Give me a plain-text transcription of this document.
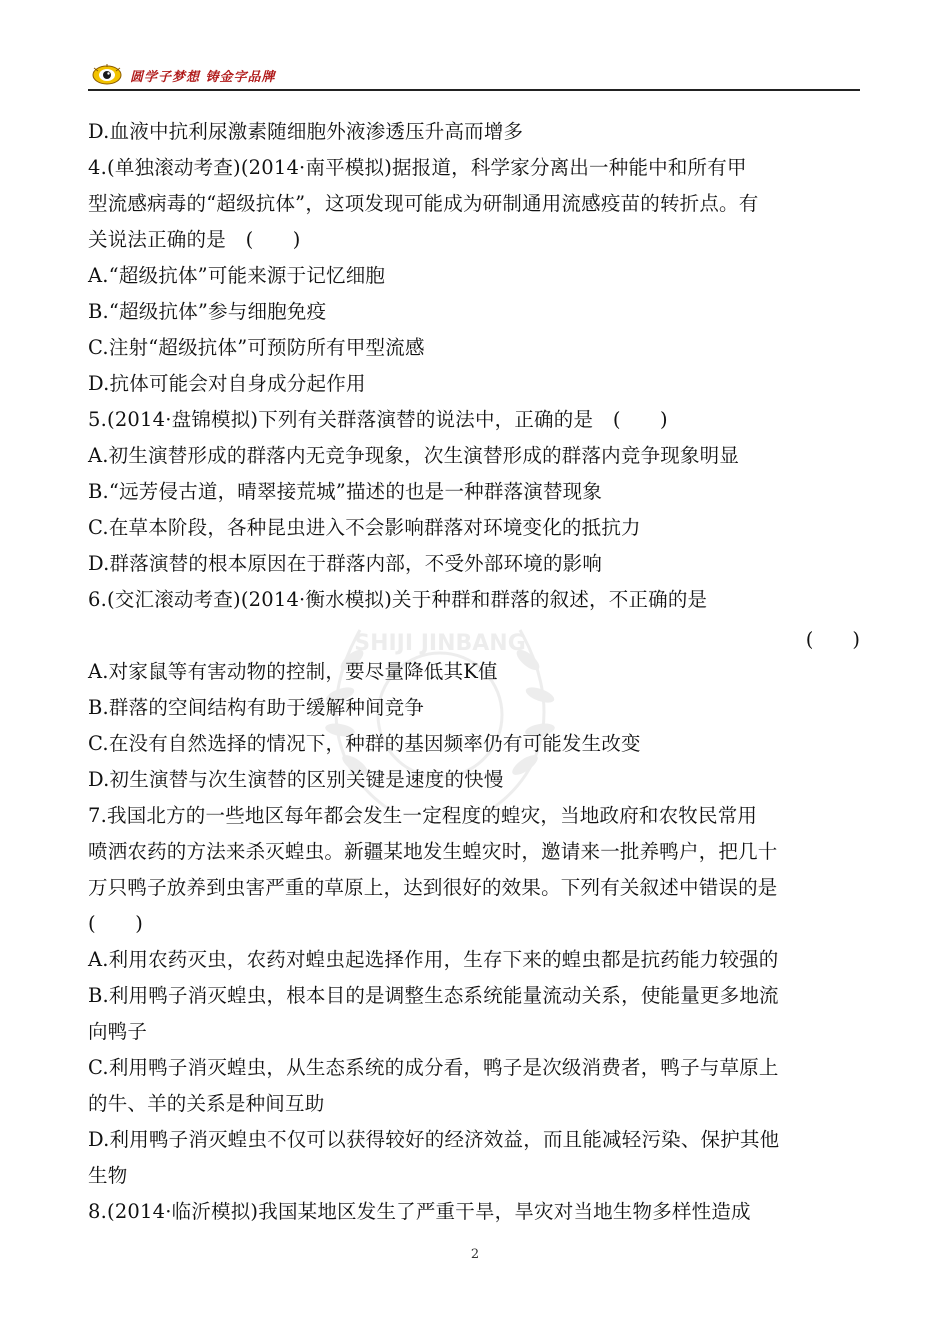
圆学子梦想 铸金字品牌
SHIJI JINBANG
D.血液中抗利尿激素随细胞外液渗透压升高而增多
4.(单独滚动考查)(2014·南平模拟)据报道，科学家分离出一种能中和所有甲
型流感病毒的“超级抗体”，这项发现可能成为研制通用流感疫苗的转折点。有
关说法正确的是　(　　)
A.“超级抗体”可能来源于记忆细胞
B.“超级抗体”参与细胞免疫
C.注射“超级抗体”可预防所有甲型流感
D.抗体可能会对自身成分起作用
5.(2014·盘锦模拟)下列有关群落演替的说法中，正确的是　(　　)
A.初生演替形成的群落内无竞争现象，次生演替形成的群落内竞争现象明显
B.“远芳侵古道，晴翠接荒城”描述的也是一种群落演替现象
C.在草本阶段，各种昆虫进入不会影响群落对环境变化的抵抗力
D.群落演替的根本原因在于群落内部，不受外部环境的影响
6.(交汇滚动考查)(2014·衡水模拟)关于种群和群落的叙述，不正确的是
(　　)
A.对家鼠等有害动物的控制，要尽量降低其K值
B.群落的空间结构有助于缓解种间竞争
C.在没有自然选择的情况下，种群的基因频率仍有可能发生改变
D.初生演替与次生演替的区别关键是速度的快慢
7.我国北方的一些地区每年都会发生一定程度的蝗灾，当地政府和农牧民常用
喷洒农药的方法来杀灭蝗虫。新疆某地发生蝗灾时，邀请来一批养鸭户，把几十
万只鸭子放养到虫害严重的草原上，达到很好的效果。下列有关叙述中错误的是
(　　)
A.利用农药灭虫，农药对蝗虫起选择作用，生存下来的蝗虫都是抗药能力较强的
B.利用鸭子消灭蝗虫，根本目的是调整生态系统能量流动关系，使能量更多地流
向鸭子
C.利用鸭子消灭蝗虫，从生态系统的成分看，鸭子是次级消费者，鸭子与草原上
的牛、羊的关系是种间互助
D.利用鸭子消灭蝗虫不仅可以获得较好的经济效益，而且能减轻污染、保护其他
生物
8.(2014·临沂模拟)我国某地区发生了严重干旱，旱灾对当地生物多样性造成
2
